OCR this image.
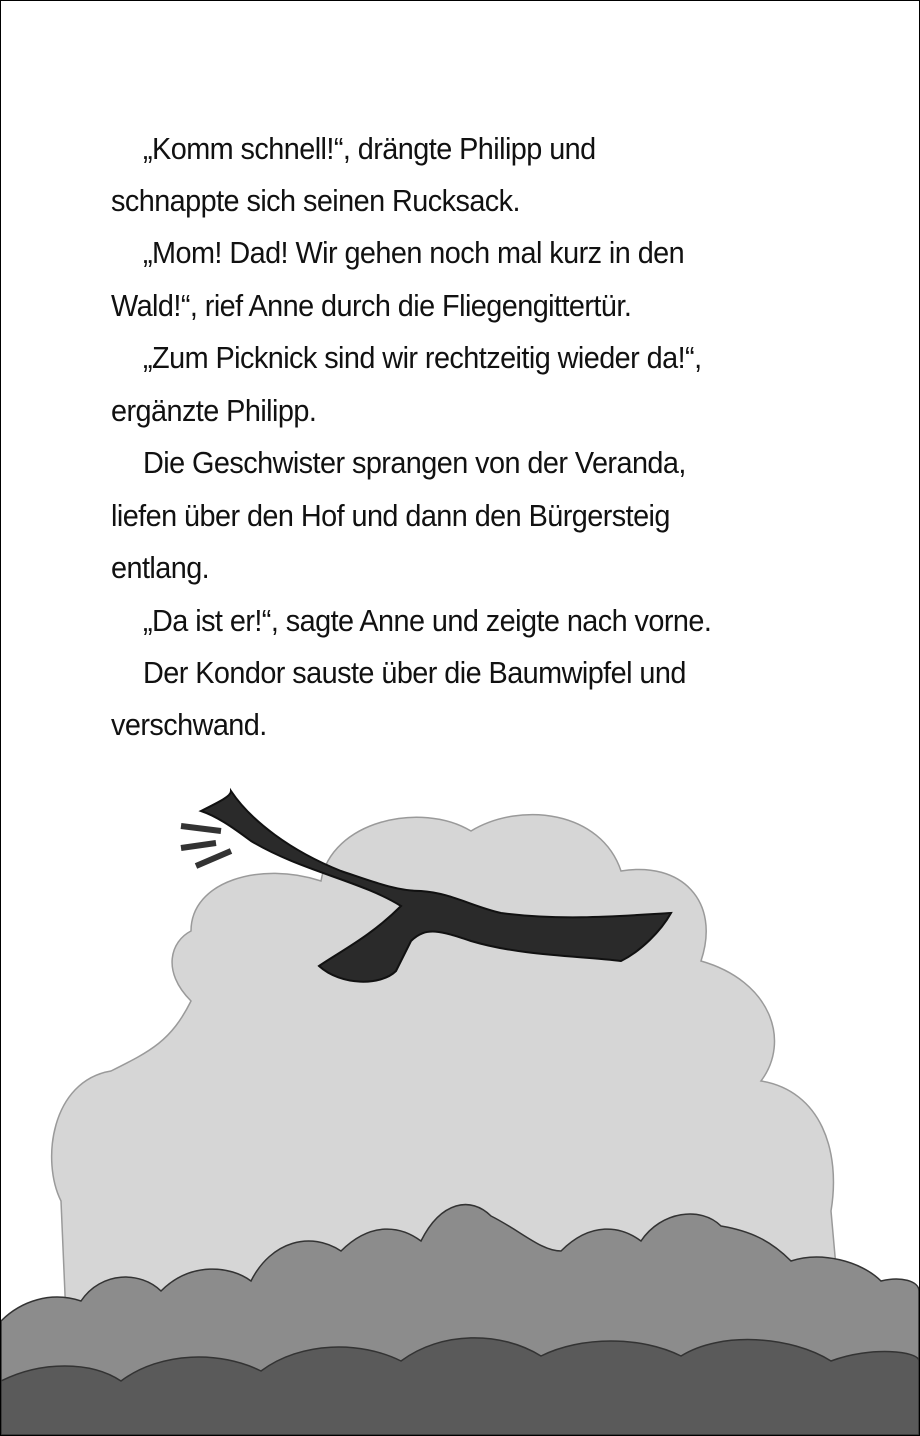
„Komm schnell!“, drängte Philipp und
schnappte sich seinen Rucksack.
„Mom! Dad! Wir gehen noch mal kurz in den
Wald!“, rief Anne durch die Fliegengittertür.
„Zum Picknick sind wir rechtzeitig wieder da!“,
ergänzte Philipp.
Die Geschwister sprangen von der Veranda,
liefen über den Hof und dann den Bürgersteig
entlang.
„Da ist er!“, sagte Anne und zeigte nach vorne.
Der Kondor sauste über die Baumwipfel und
verschwand.
